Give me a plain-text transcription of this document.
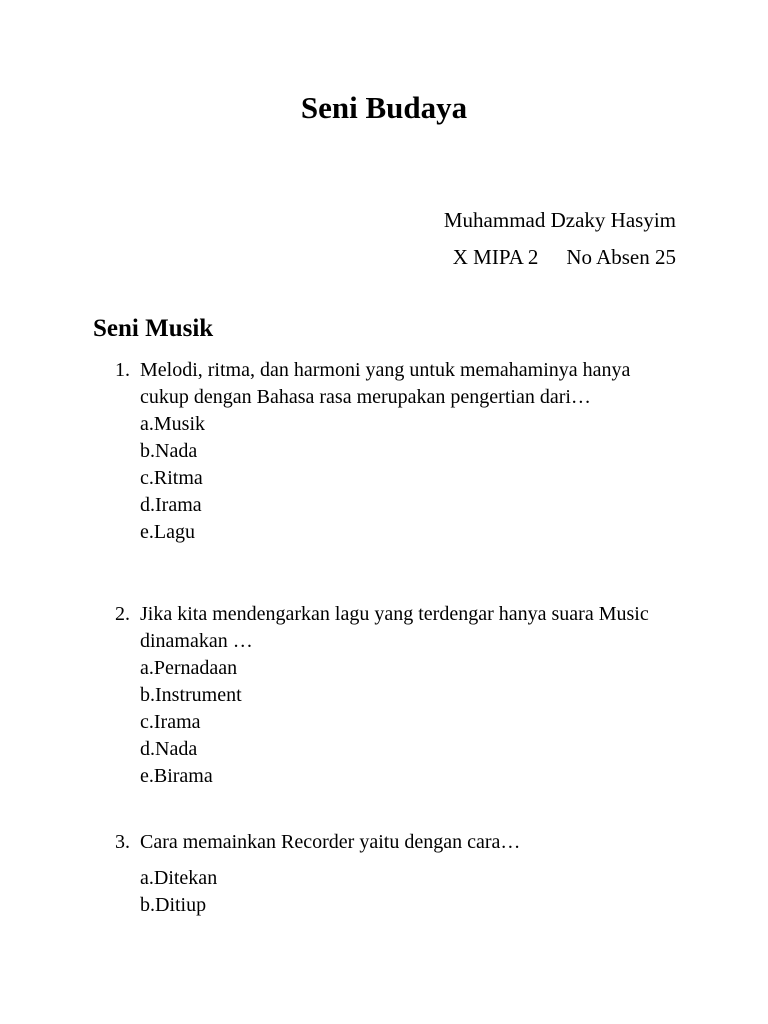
Seni Budaya
Muhammad Dzaky Hasyim
X MIPA 2 No Absen 25
Seni Musik
1. Melodi, ritma, dan harmoni yang untuk memahaminya hanya cukup dengan Bahasa rasa merupakan pengertian dari…
a.Musik
b.Nada
c.Ritma
d.Irama
e.Lagu
2. Jika kita mendengarkan lagu yang terdengar hanya suara Music dinamakan …
a.Pernadaan
b.Instrument
c.Irama
d.Nada
e.Birama
3. Cara memainkan Recorder yaitu dengan cara…
a.Ditekan
b.Ditiup
